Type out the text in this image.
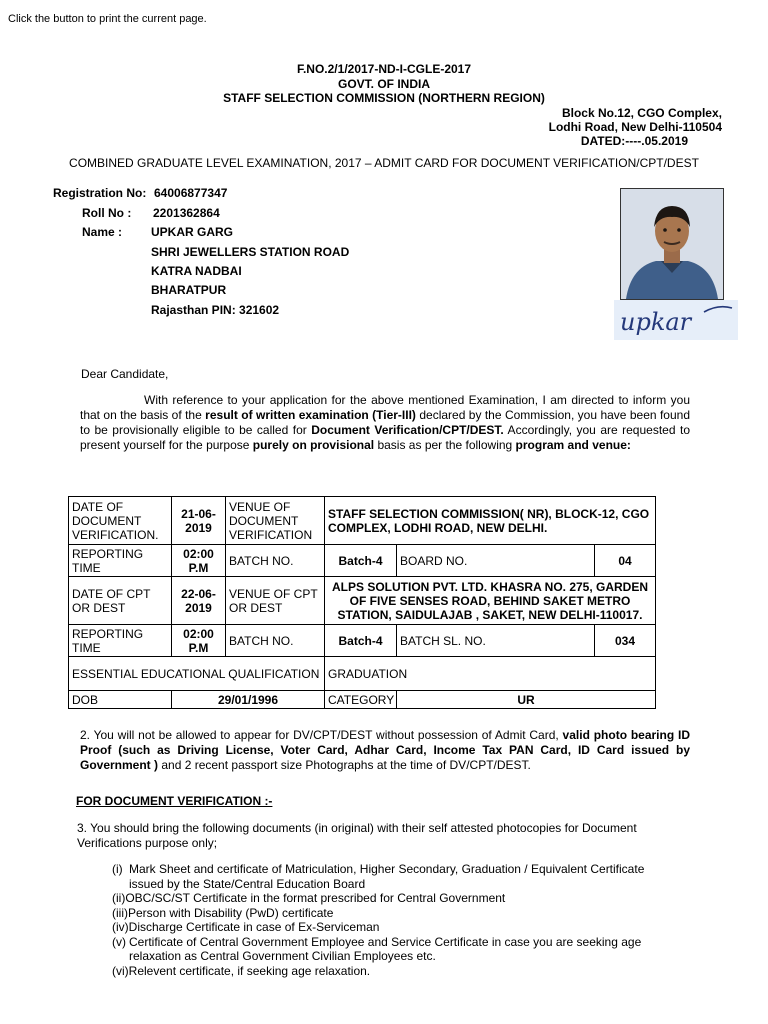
Click the button to print the current page.
F.NO.2/1/2017-ND-I-CGLE-2017
GOVT. OF INDIA
STAFF SELECTION COMMISSION (NORTHERN REGION)
Block No.12, CGO Complex,
Lodhi Road, New Delhi-110504
DATED:----.05.2019
COMBINED GRADUATE LEVEL EXAMINATION, 2017 – ADMIT CARD FOR DOCUMENT VERIFICATION/CPT/DEST
Registration No: 64006877347
Roll No : 2201362864
Name : UPKAR GARG
SHRI JEWELLERS STATION ROAD
KATRA NADBAI
BHARATPUR
Rajasthan PIN: 321602	upkar
Dear Candidate,
With reference to your application for the above mentioned Examination, I am directed to inform you that on the basis of the result of written examination (Tier-III) declared by the Commission, you have been found to be provisionally eligible to be called for Document Verification/CPT/DEST. Accordingly, you are requested to present yourself for the purpose purely on provisional basis as per the following program and venue:
DATE OF DOCUMENT VERIFICATION.	21-06-2019	VENUE OF DOCUMENT VERIFICATION	STAFF SELECTION COMMISSION( NR), BLOCK-12, CGO COMPLEX, LODHI ROAD, NEW DELHI.		
REPORTING TIME	02:00 P.M	BATCH NO.	Batch-4	BOARD NO.	04
DATE OF CPT OR DEST	22-06-2019	VENUE OF CPT OR DEST	ALPS SOLUTION PVT. LTD. KHASRA NO. 275, GARDEN OF FIVE SENSES ROAD, BEHIND SAKET METRO STATION, SAIDULAJAB , SAKET, NEW DELHI-110017.		
REPORTING TIME	02:00 P.M	BATCH NO.	Batch-4	BATCH SL. NO.	034
ESSENTIAL EDUCATIONAL QUALIFICATION			GRADUATION		
DOB	29/01/1996		CATEGORY	UR	
2. You will not be allowed to appear for DV/CPT/DEST without possession of Admit Card, valid photo bearing ID Proof (such as Driving License, Voter Card, Adhar Card, Income Tax PAN Card, ID Card issued by Government ) and 2 recent passport size Photographs at the time of DV/CPT/DEST.
FOR DOCUMENT VERIFICATION :-
3. You should bring the following documents (in original) with their self attested photocopies for Document Verifications purpose only;
(i) Mark Sheet and certificate of Matriculation, Higher Secondary, Graduation / Equivalent Certificate issued by the State/Central Education Board
(ii) OBC/SC/ST Certificate in the format prescribed for Central Government
(iii) Person with Disability (PwD) certificate
(iv) Discharge Certificate in case of Ex-Serviceman
(v) Certificate of Central Government Employee and Service Certificate in case you are seeking age relaxation as Central Government Civilian Employees etc.
(vi) Relevent certificate, if seeking age relaxation.
